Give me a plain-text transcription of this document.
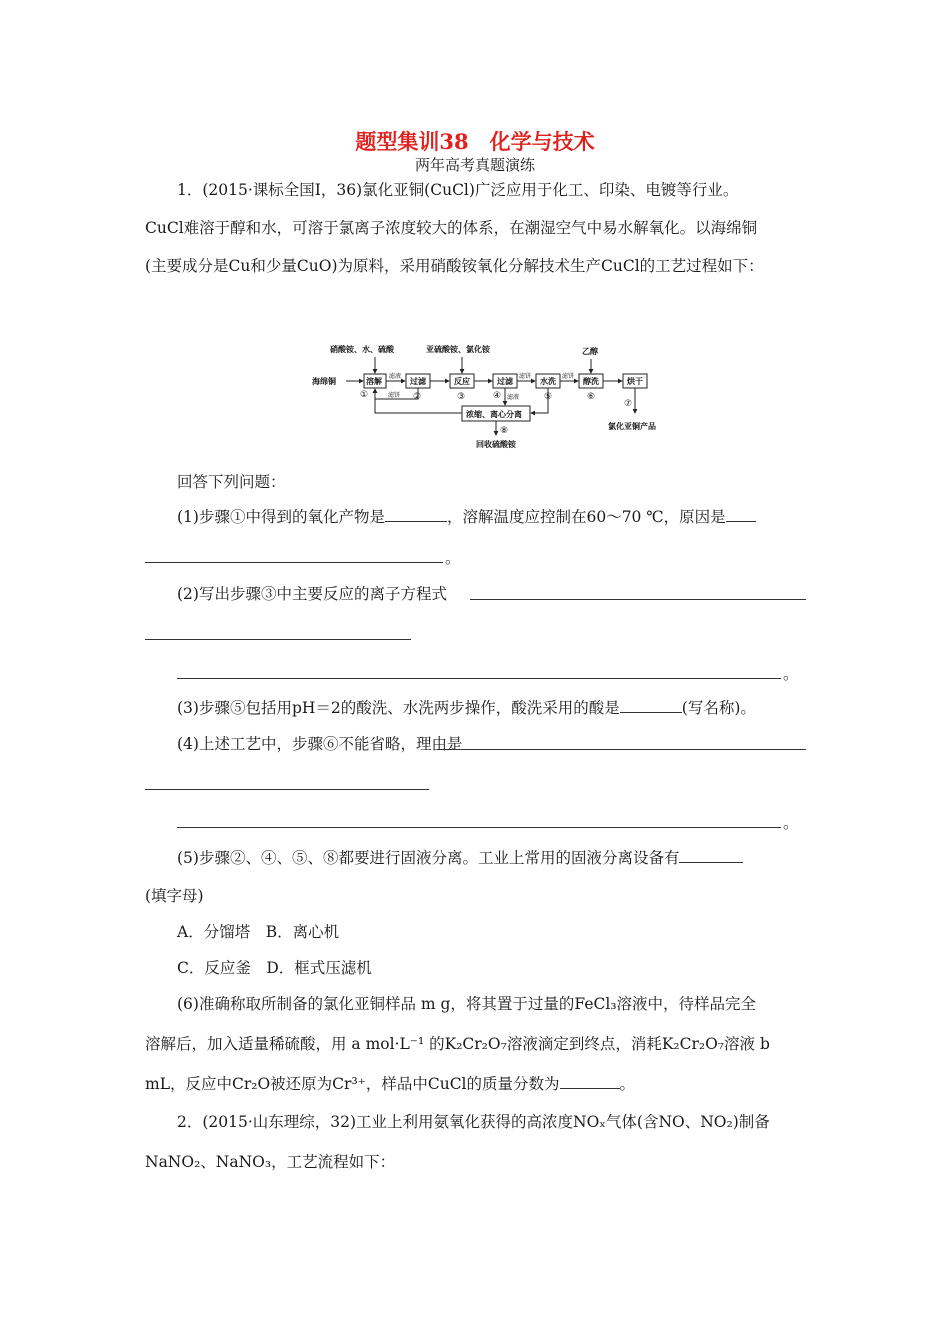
题型集训38　化学与技术
两年高考真题演练
1．(2015·课标全国Ⅰ，36)氯化亚铜(CuCl)广泛应用于化工、印染、电镀等行业。
CuCl难溶于醇和水，可溶于氯离子浓度较大的体系，在潮湿空气中易水解氧化。以海绵铜
(主要成分是Cu和少量CuO)为原料，采用硝酸铵氧化分解技术生产CuCl的工艺过程如下：
硝酸铵、水、硫酸	亚硫酸铵、氯化铵	乙醇
海绵铜	溶解	过滤	反应	过滤	水洗	醇洗	烘干
浓缩、离心分离
氯化亚铜产品
回收硫酸铵
滤液
滤饼
滤饼
滤液
滤饼
①	②	③	④	⑤	⑥
⑦
⑧
回答下列问题：
(1)步骤①中得到的氧化产物是	，溶解温度应控制在60～70 ℃，原因是
。
(2)写出步骤③中主要反应的离子方程式
。
(3)步骤⑤包括用pH＝2的酸洗、水洗两步操作，酸洗采用的酸是	(写名称)。
(4)上述工艺中，步骤⑥不能省略，理由是
。
(5)步骤②、④、⑤、⑧都要进行固液分离。工业上常用的固液分离设备有
(填字母)
A．分馏塔　B．离心机
C．反应釜　D．框式压滤机
(6)准确称取所制备的氯化亚铜样品 m g，将其置于过量的FeCl₃溶液中，待样品完全
溶解后，加入适量稀硫酸，用 a mol·L⁻¹ 的K₂Cr₂O₇溶液滴定到终点，消耗K₂Cr₂O₇溶液 b
mL，反应中Cr₂O被还原为Cr³⁺，样品中CuCl的质量分数为	。
2．(2015·山东理综，32)工业上利用氨氧化获得的高浓度NOₓ气体(含NO、NO₂)制备
NaNO₂、NaNO₃，工艺流程如下：
